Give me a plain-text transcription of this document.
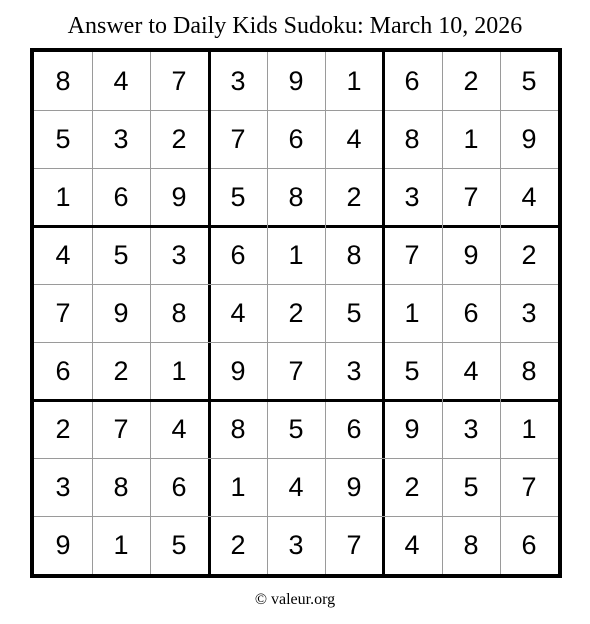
Answer to Daily Kids Sudoku: March 10, 2026
8	4	7	3	9	1	6	2	5
5	3	2	7	6	4	8	1	9
1	6	9	5	8	2	3	7	4
4	5	3	6	1	8	7	9	2
7	9	8	4	2	5	1	6	3
6	2	1	9	7	3	5	4	8
2	7	4	8	5	6	9	3	1
3	8	6	1	4	9	2	5	7
9	1	5	2	3	7	4	8	6
© valeur.org
